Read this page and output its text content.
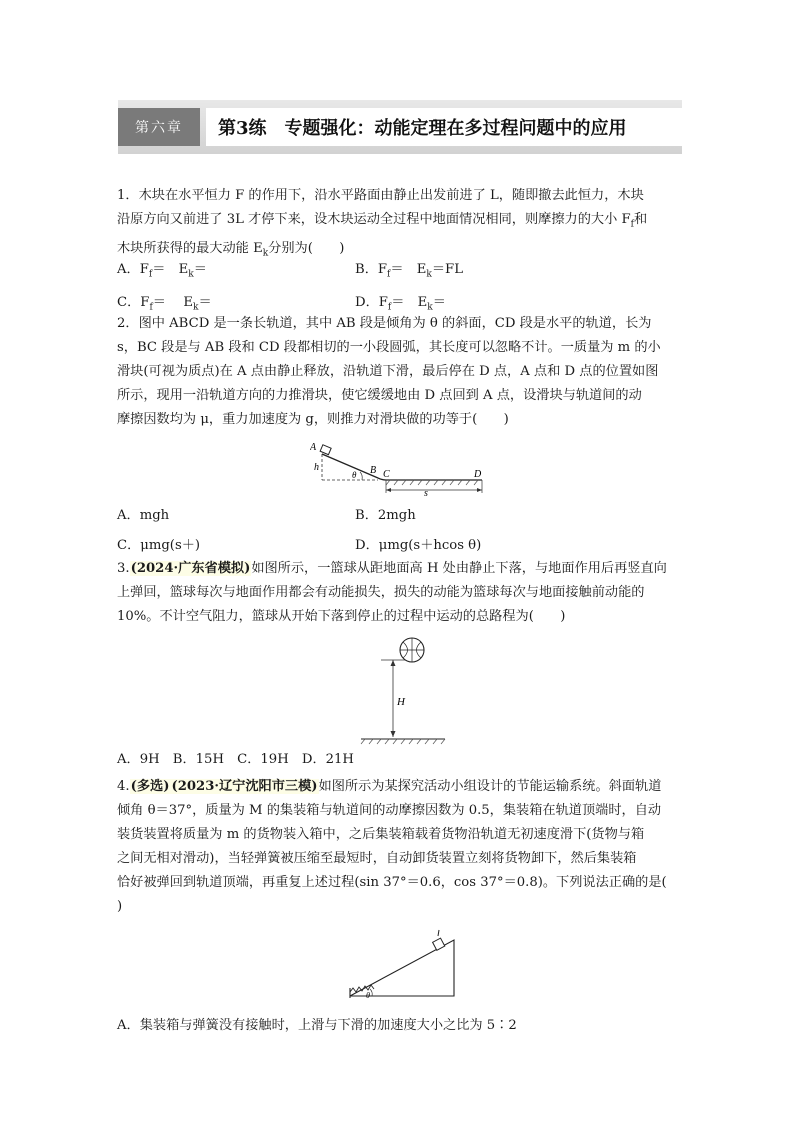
第六章	第3练 专题强化：动能定理在多过程问题中的应用

1．木块在水平恒力 F 的作用下，沿水平路面由静止出发前进了 L，随即撤去此恒力，木块

沿原方向又前进了 3L 才停下来，设木块运动全过程中地面情况相同，则摩擦力的大小 $F_f$和

木块所获得的最大动能 $E_k$分别为(　　)

A．$F_f=$　$E_k=$	B．$F_f=$　$E_k=FL$
C．$F_f=$　 $E_k=$	D．$F_f=$　$E_k=$

2．图中 ABCD 是一条长轨道，其中 AB 段是倾角为 θ 的斜面，CD 段是水平的轨道，长为

s，BC 段是与 AB 段和 CD 段都相切的一小段圆弧，其长度可以忽略不计。一质量为 m 的小

滑块(可视为质点)在 A 点由静止释放，沿轨道下滑，最后停在 D 点，A 点和 D 点的位置如图

所示，现用一沿轨道方向的力推滑块，使它缓缓地由 D 点回到 A 点，设滑块与轨道间的动

摩擦因数均为 μ，重力加速度为 g，则推力对滑块做的功等于(　　)

A
h
θ B C	D
s
A．mgh	B．2mgh
C．μmg(s＋)	D．μmg(s＋hcos θ)

3.(2024·广东省模拟)如图所示，一篮球从距地面高 H 处由静止下落，与地面作用后再竖直向

上弹回，篮球每次与地面作用都会有动能损失，损失的动能为篮球每次与地面接触前动能的

10%。不计空气阻力，篮球从开始下落到停止的过程中运动的总路程为(　　)

H
A．9H　B．15H　C．19H　D．21H

4.(多选) (2023·辽宁沈阳市三模)如图所示为某探究活动小组设计的节能运输系统。斜面轨道

倾角 θ＝37°，质量为 M 的集装箱与轨道间的动摩擦因数为 0.5，集装箱在轨道顶端时，自动

装货装置将质量为 m 的货物装入箱中，之后集装箱载着货物沿轨道无初速度滑下(货物与箱

之间无相对滑动)，当轻弹簧被压缩至最短时，自动卸货装置立刻将货物卸下，然后集装箱

恰好被弹回到轨道顶端，再重复上述过程(sin 37°＝0.6，cos 37°＝0.8)。下列说法正确的是(

)

θ
A．集装箱与弹簧没有接触时，上滑与下滑的加速度大小之比为 5∶2
